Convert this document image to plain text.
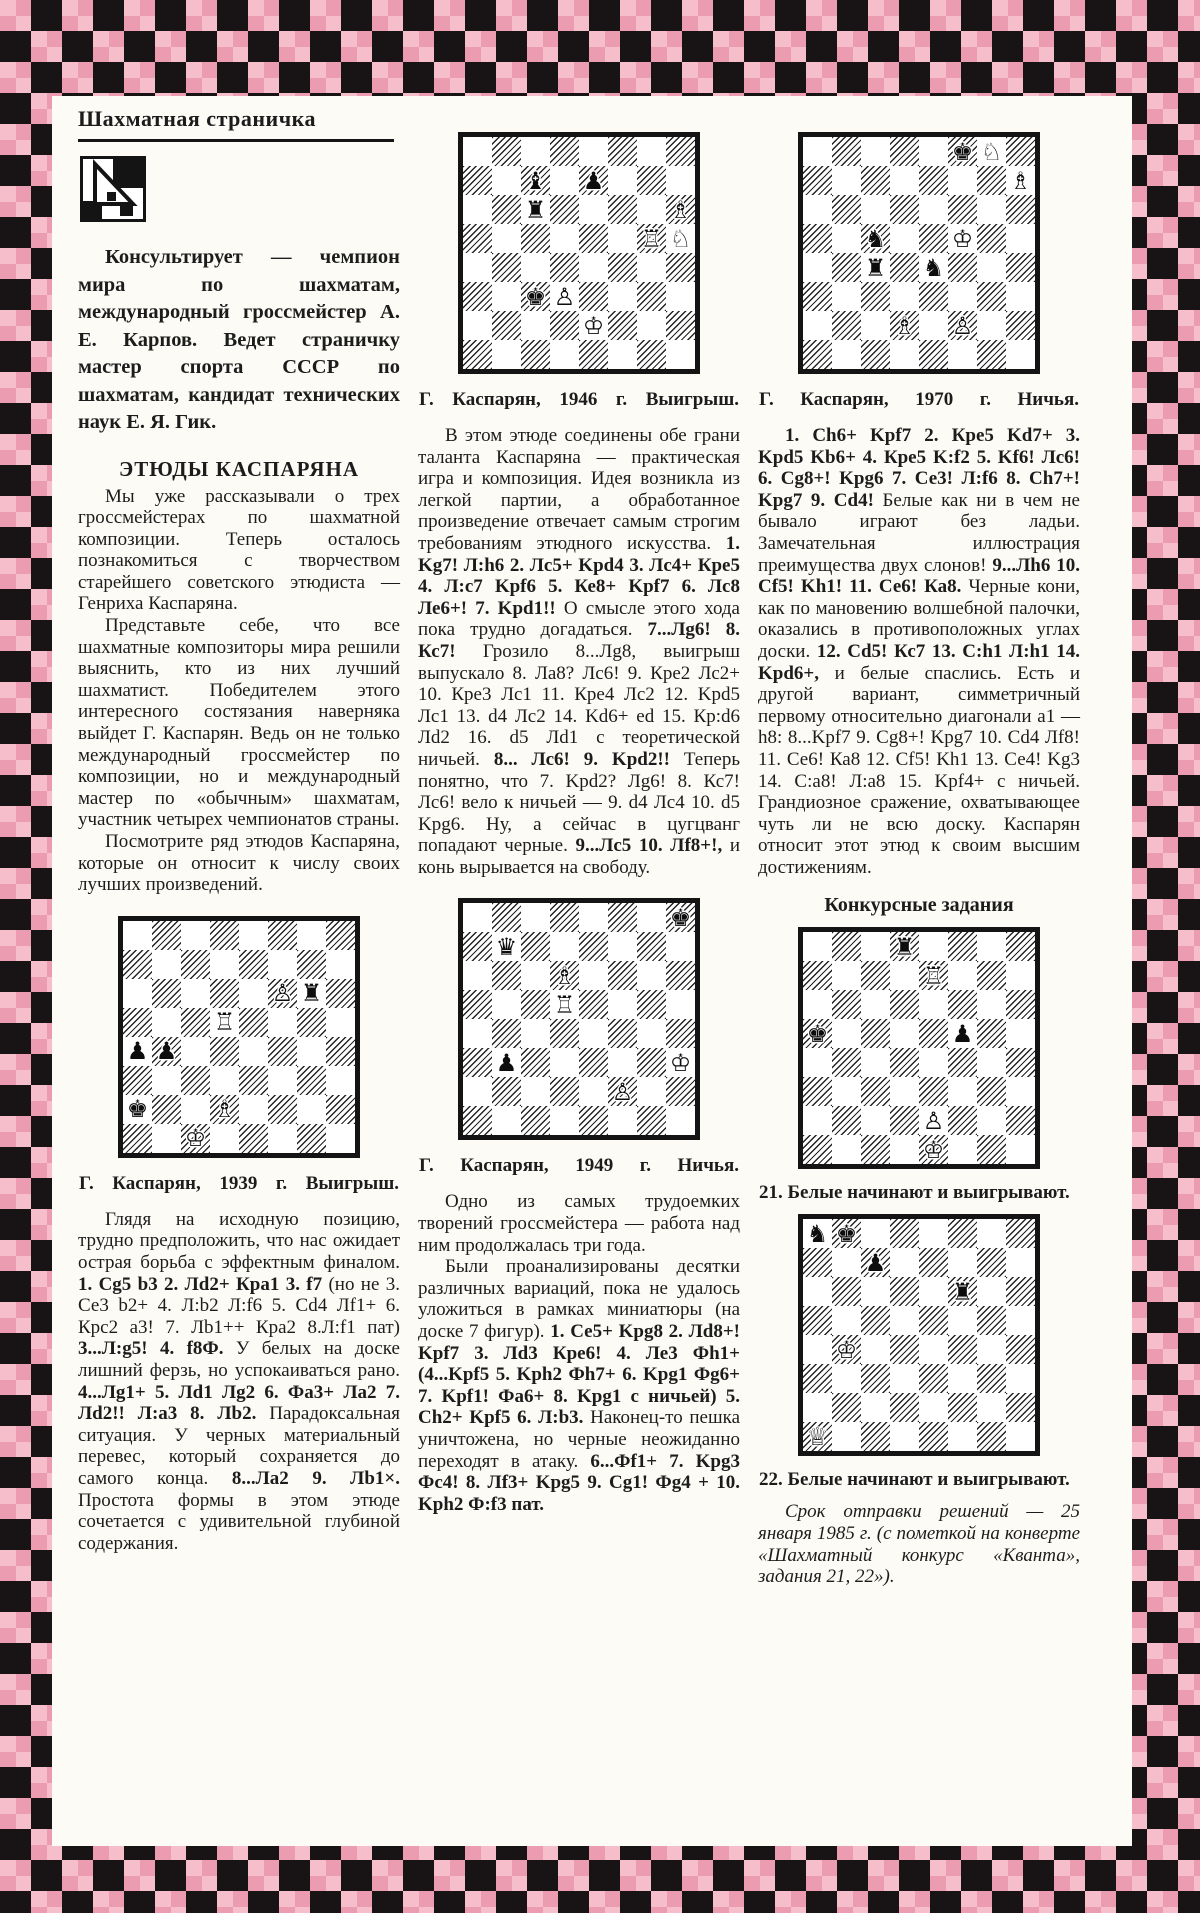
Шахматная страничка

Консультирует — чемпион мира по шахматам, международный гроссмейстер А. Е. Карпов. Ведет страничку мастер спорта СССР по шахматам, кандидат технических наук Е. Я. Гик.

ЭТЮДЫ КАСПАРЯНА

Мы уже рассказывали о трех гроссмейстерах по шахматной композиции. Теперь осталось познакомиться с творчеством старейшего советского этюдиста — Генриха Каспаряна.

Представьте себе, что все шахматные композиторы мира решили выяснить, кто из них лучший шахматист. Победителем этого интересного состязания наверняка выйдет Г. Каспарян. Ведь он не только международный гроссмейстер по композиции, но и международный мастер по «обычным» шахматам, участник четырех чемпионатов страны.

Посмотрите ряд этюдов Каспаряна, которые он относит к числу своих лучших произведений.

♙ ♜
♖
♟ ♟
♚	♗
♔

Г. Каспарян, 1939 г. Выигрыш.

Глядя на исходную позицию, трудно предположить, что нас ожидает острая борьба с эффектным финалом. 1. Cg5 b3 2. Лd2+ Кра1 3. f7 (но не 3. Се3 b2+ 4. Л:b2 Л:f6 5. Cd4 Лf1+ 6. Крс2 а3! 7. Лb1++ Кра2 8.Л:f1 пат) 3...Л:g5! 4. f8Ф. У белых на доске лишний ферзь, но успокаиваться рано. 4...Лg1+ 5. Лd1 Лg2 6. Фа3+ Ла2 7. Лd2!! Л:а3 8. Лb2. Парадоксальная ситуация. У черных материальный перевес, который сохраняется до самого конца. 8...Ла2 9. Лb1×. Простота формы в этом этюде сочетается с удивительной глубиной содержания.

♝ ♟
♜	♗
♖ ♘
♚ ♙
♔

Г. Каспарян, 1946 г. Выигрыш.

В этом этюде соединены обе грани таланта Каспаряна — практическая игра и композиция. Идея возникла из легкой партии, а обработанное произведение отвечает самым строгим требованиям этюдного искусства. 1. Kg7! Л:h6 2. Лс5+ Kpd4 3. Лс4+ Кре5 4. Л:с7 Kpf6 5. Ке8+ Kpf7 6. Лс8 Ле6+! 7. Kpd1!! О смысле этого хода пока трудно догадаться. 7...Лg6! 8. Кс7! Грозило 8...Лg8, выигрыш выпускало 8. Ла8? Лс6! 9. Кре2 Лс2+ 10. Кре3 Лс1 11. Кре4 Лс2 12. Kpd5 Лс1 13. d4 Лс2 14. Kd6+ ed 15. Кр:d6 Лd2 16. d5 Лd1 с теоретической ничьей. 8... Лс6! 9. Kpd2!! Теперь понятно, что 7. Kpd2? Лg6! 8. Кс7! Лс6! вело к ничьей — 9. d4 Лс4 10. d5 Kpg6. Ну, а сейчас в цугцванг попадают черные. 9...Лс5 10. Лf8+!, и конь вырывается на свободу.

♚
♛
♗
♖
♟	♔
♙

Г. Каспарян, 1949 г. Ничья.

Одно из самых трудоемких творений гроссмейстера — работа над ним продолжалась три года.

Были проанализированы десятки различных вариаций, пока не удалось уложиться в рамках миниатюры (на доске 7 фигур). 1. Се5+ Kpg8 2. Лd8+! Kpf7 3. Лd3 Кре6! 4. Ле3 Фh1+ (4...Kpf5 5. Kph2 Фh7+ 6. Kpg1 Фg6+ 7. Kpf1! Фа6+ 8. Kpg1 с ничьей) 5. Ch2+ Kpf5 6. Л:b3. Наконец-то пешка уничтожена, но черные неожиданно переходят в атаку. 6...Фf1+ 7. Kpg3 Фс4! 8. Лf3+ Kpg5 9. Cg1! Фg4 + 10. Kph2 Ф:f3 пат.

♚ ♘
♗
♞	♔
♜ ♞
♗ ♙

Г. Каспарян, 1970 г. Ничья.

1. Ch6+ Kpf7 2. Кре5 Kd7+ 3. Kpd5 Kb6+ 4. Кре5 K:f2 5. Kf6! Лс6! 6. Cg8+! Kpg6 7. Се3! Л:f6 8. Ch7+! Kpg7 9. Cd4! Белые как ни в чем не бывало играют без ладьи. Замечательная иллюстрация преимущества двух слонов! 9...Лh6 10. Cf5! Kh1! 11. Се6! Ка8. Черные кони, как по мановению волшебной палочки, оказались в противоположных углах доски. 12. Cd5! Кс7 13. C:h1 Л:h1 14. Kpd6+, и белые спаслись. Есть и другой вариант, симметричный первому относительно диагонали а1 — h8: 8...Kpf7 9. Cg8+! Kpg7 10. Cd4 Лf8! 11. Се6! Ка8 12. Cf5! Kh1 13. Се4! Kg3 14. С:а8! Л:а8 15. Kpf4+ с ничьей. Грандиозное сражение, охватывающее чуть ли не всю доску. Каспарян относит этот этюд к своим высшим достижениям.

Конкурсные задания
♜
♖
♚	♟
♙
♔

21. Белые начинают и выигрывают.

♞ ♚
♟
♜
♔
♕

22. Белые начинают и выигрывают.

Срок отправки решений — 25 января 1985 г. (с пометкой на конверте «Шахматный конкурс «Кванта», задания 21, 22»).
